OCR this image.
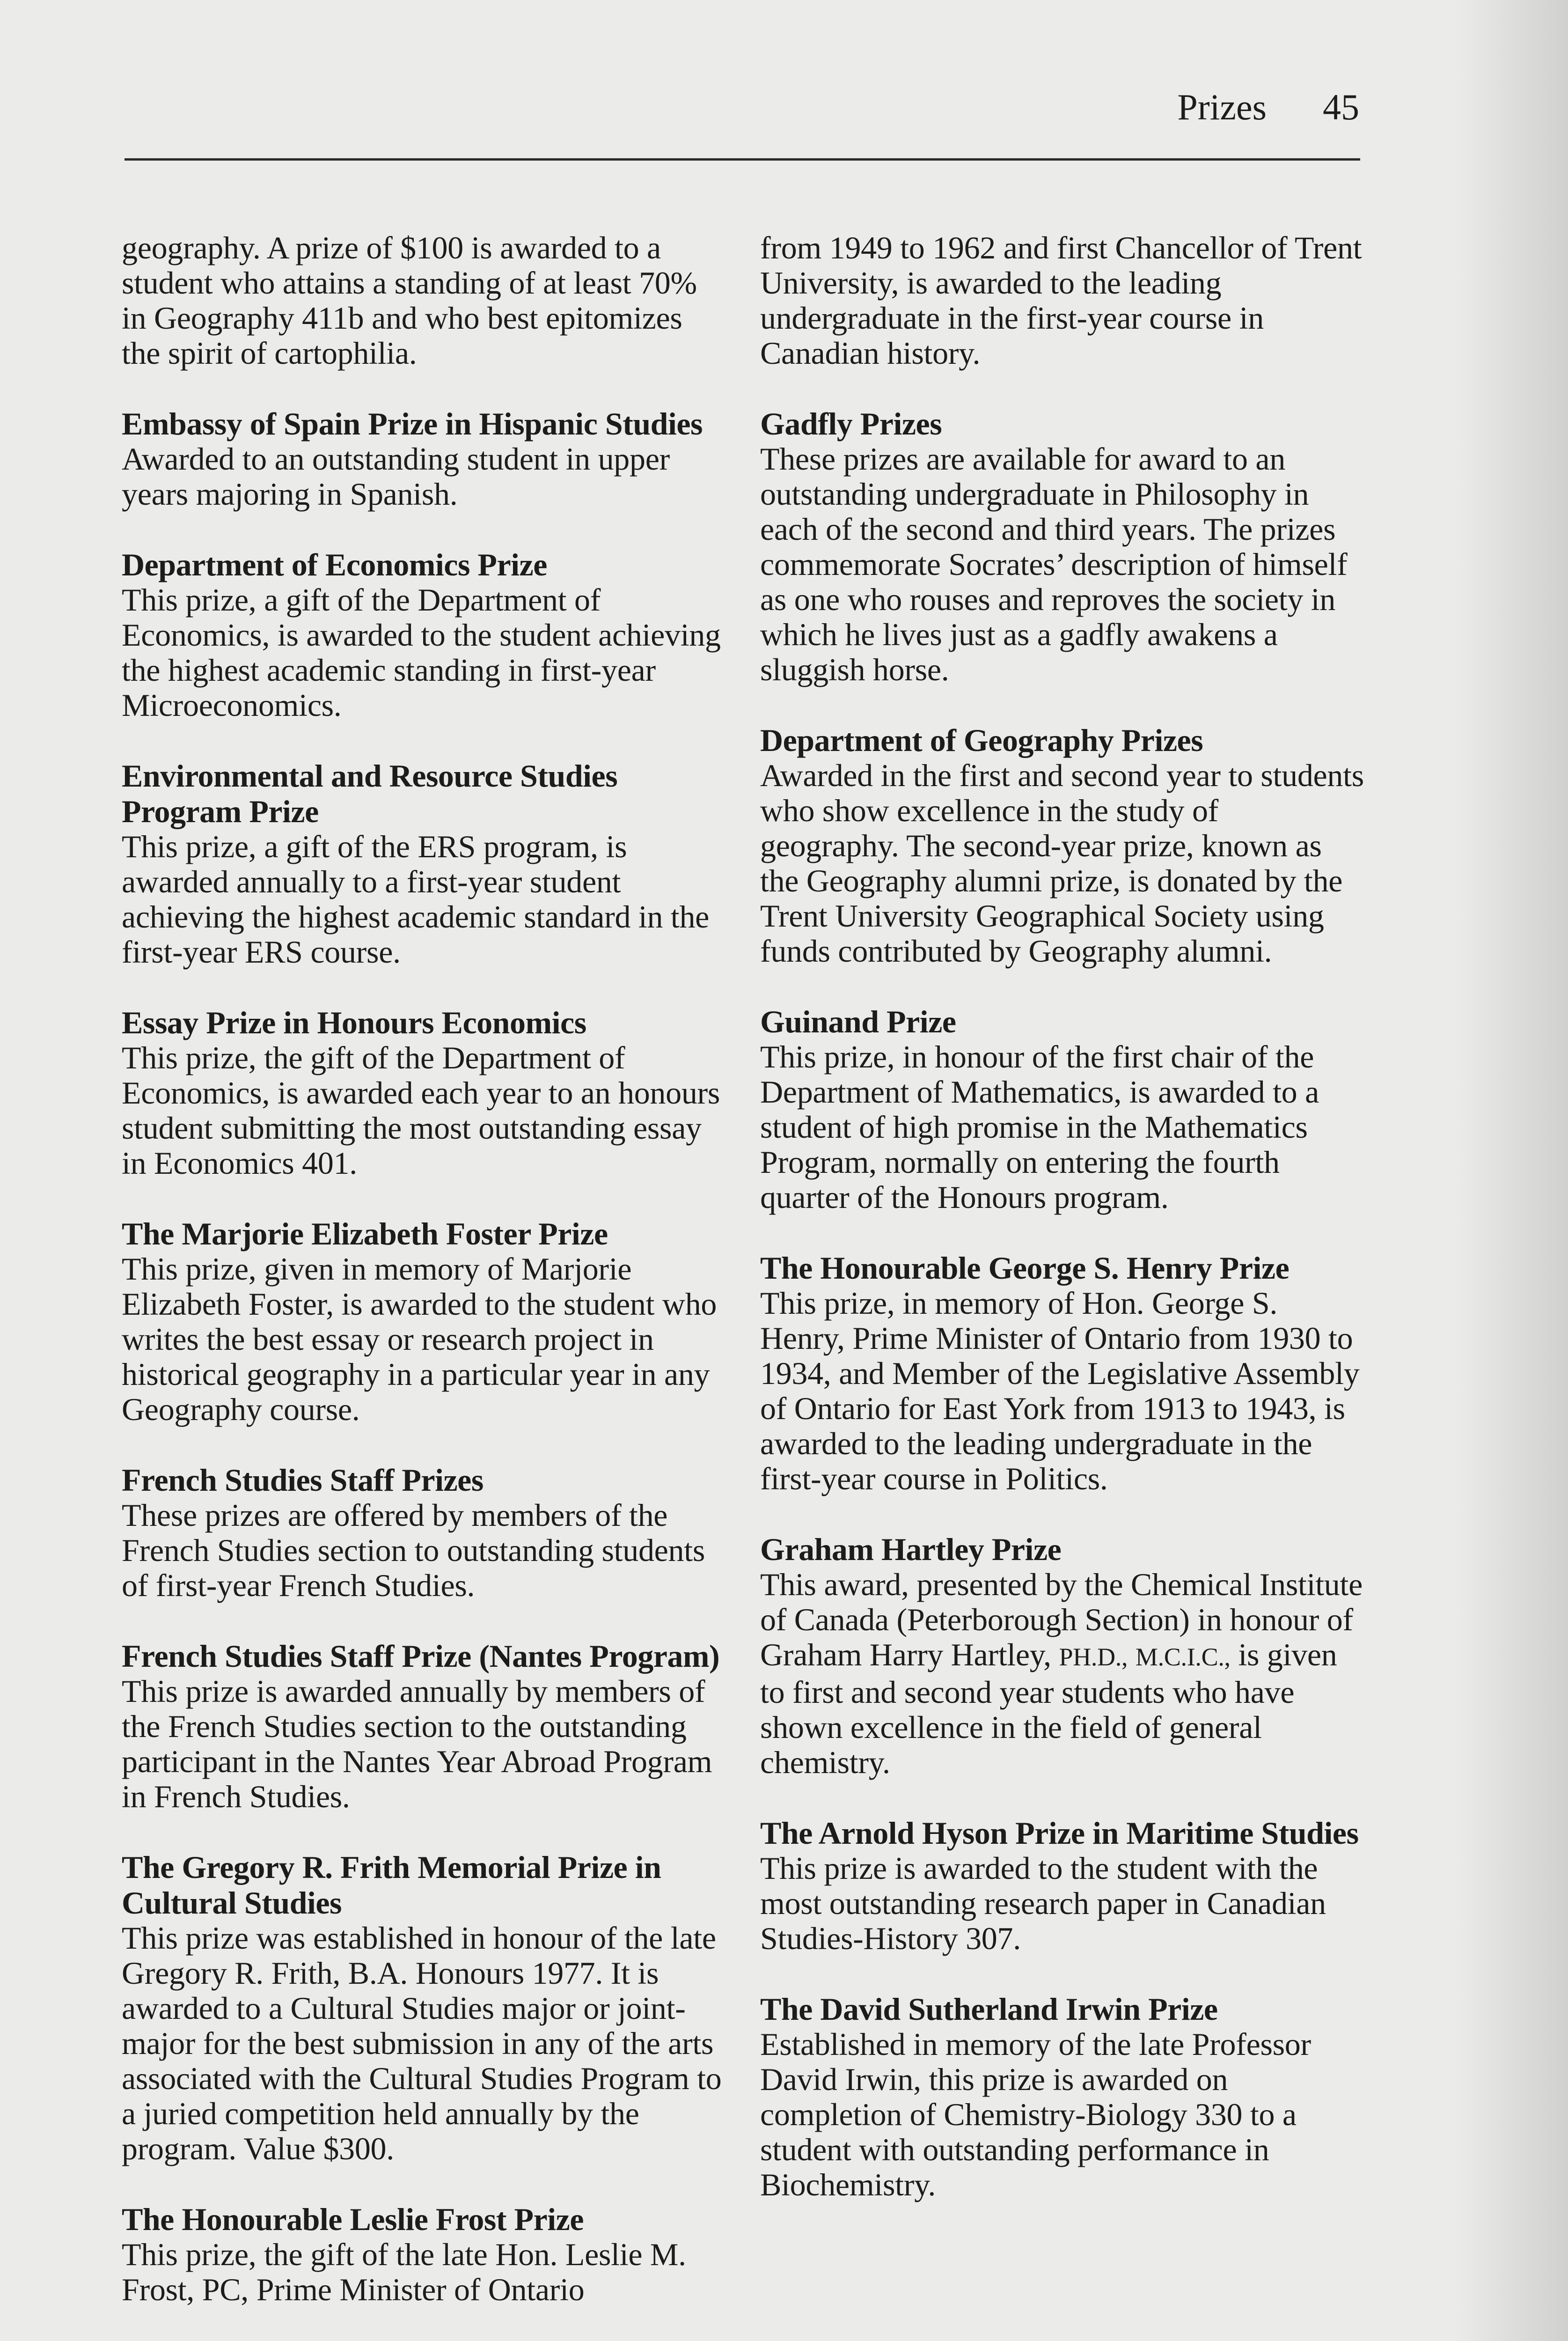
Prizes 45

geography. A prize of $100 is awarded to a student who attains a standing of at least 70% in Geography 411b and who best epitomizes the spirit of cartophilia.

Embassy of Spain Prize in Hispanic Studies

Awarded to an outstanding student in upper years majoring in Spanish.

Department of Economics Prize

This prize, a gift of the Department of Economics, is awarded to the student achieving the highest academic standing in first-year Microeconomics.

Environmental and Resource Studies Program Prize

This prize, a gift of the ERS program, is awarded annually to a first-year student achieving the highest academic standard in the first-year ERS course.

Essay Prize in Honours Economics

This prize, the gift of the Department of Economics, is awarded each year to an honours student submitting the most outstanding essay in Economics 401.

The Marjorie Elizabeth Foster Prize

This prize, given in memory of Marjorie Elizabeth Foster, is awarded to the student who writes the best essay or research project in historical geography in a particular year in any Geography course.

French Studies Staff Prizes

These prizes are offered by members of the French Studies section to outstanding students of first-year French Studies.

French Studies Staff Prize (Nantes Program)

This prize is awarded annually by members of the French Studies section to the outstanding participant in the Nantes Year Abroad Program in French Studies.

The Gregory R. Frith Memorial Prize in Cultural Studies

This prize was established in honour of the late Gregory R. Frith, B.A. Honours 1977. It is awarded to a Cultural Studies major or joint-major for the best submission in any of the arts associated with the Cultural Studies Program to a juried competition held annually by the program. Value $300.

The Honourable Leslie Frost Prize

This prize, the gift of the late Hon. Leslie M. Frost, PC, Prime Minister of Ontario

from 1949 to 1962 and first Chancellor of Trent University, is awarded to the leading undergraduate in the first-year course in Canadian history.

Gadfly Prizes

These prizes are available for award to an outstanding undergraduate in Philosophy in each of the second and third years. The prizes commemorate Socrates’ description of himself as one who rouses and reproves the society in which he lives just as a gadfly awakens a sluggish horse.

Department of Geography Prizes

Awarded in the first and second year to students who show excellence in the study of geography. The second-year prize, known as the Geography alumni prize, is donated by the Trent University Geographical Society using funds contributed by Geography alumni.

Guinand Prize

This prize, in honour of the first chair of the Department of Mathematics, is awarded to a student of high promise in the Mathematics Program, normally on entering the fourth quarter of the Honours program.

The Honourable George S. Henry Prize

This prize, in memory of Hon. George S. Henry, Prime Minister of Ontario from 1930 to 1934, and Member of the Legislative Assembly of Ontario for East York from 1913 to 1943, is awarded to the leading undergraduate in the first-year course in Politics.

Graham Hartley Prize

This award, presented by the Chemical Institute of Canada (Peterborough Section) in honour of Graham Harry Hartley, PH.D., M.C.I.C., is given to first and second year students who have shown excellence in the field of general chemistry.

The Arnold Hyson Prize in Maritime Studies

This prize is awarded to the student with the most outstanding research paper in Canadian Studies-History 307.

The David Sutherland Irwin Prize

Established in memory of the late Professor David Irwin, this prize is awarded on completion of Chemistry-Biology 330 to a student with outstanding performance in Biochemistry.
